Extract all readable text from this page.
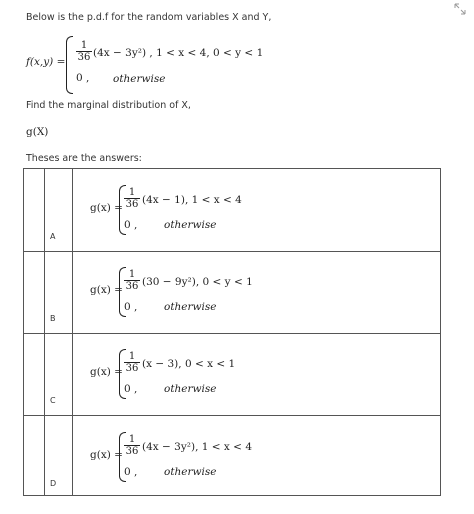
Below is the p.d.f for the random variables X and Y,
f(x,y) =
1
36 (4x − 3y²) , 1 < x < 4, 0 < y < 1
0 , otherwise
Find the marginal distribution of X,
g(X)
Theses are the answers:
A
g(x) =
1
36 (4x − 1), 1 < x < 4
0 ,	otherwise
B
g(x) =
1
36 (30 − 9y²), 0 < y < 1
0 ,	otherwise
C
g(x) =
1
36 (x − 3), 0 < x < 1
0 ,	otherwise
D
g(x) =
1
36 (4x − 3y²), 1 < x < 4
0 ,	otherwise
